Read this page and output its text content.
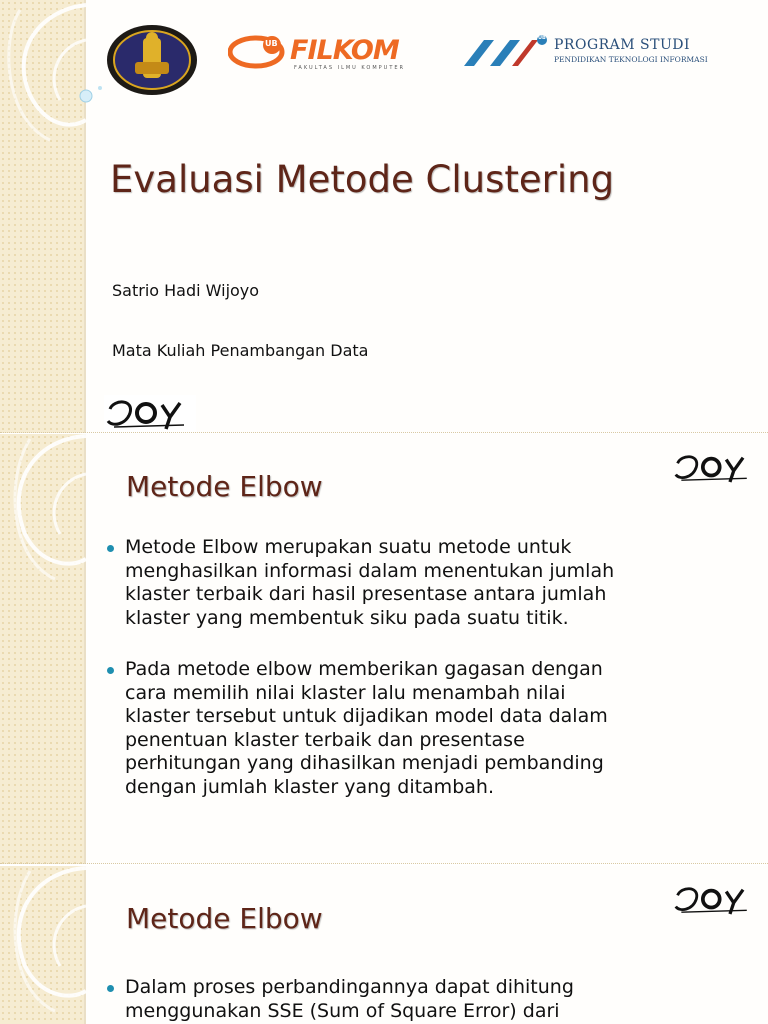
UB FILKOM
FAKULTAS ILMU KOMPUTER
UB PROGRAM STUDI
PENDIDIKAN TEKNOLOGI INFORMASI
Evaluasi Metode Clustering
Satrio Hadi Wijoyo
Mata Kuliah Penambangan Data
Metode Elbow
Metode Elbow merupakan suatu metode untuk menghasilkan informasi dalam menentukan jumlah klaster terbaik dari hasil presentase antara jumlah klaster yang membentuk siku pada suatu titik.
Pada metode elbow memberikan gagasan dengan cara memilih nilai klaster lalu menambah nilai klaster tersebut untuk dijadikan model data dalam penentuan klaster terbaik dan presentase perhitungan yang dihasilkan menjadi pembanding dengan jumlah klaster yang ditambah.
Metode Elbow
Dalam proses perbandingannya dapat dihitung menggunakan SSE (Sum of Square Error) dari
